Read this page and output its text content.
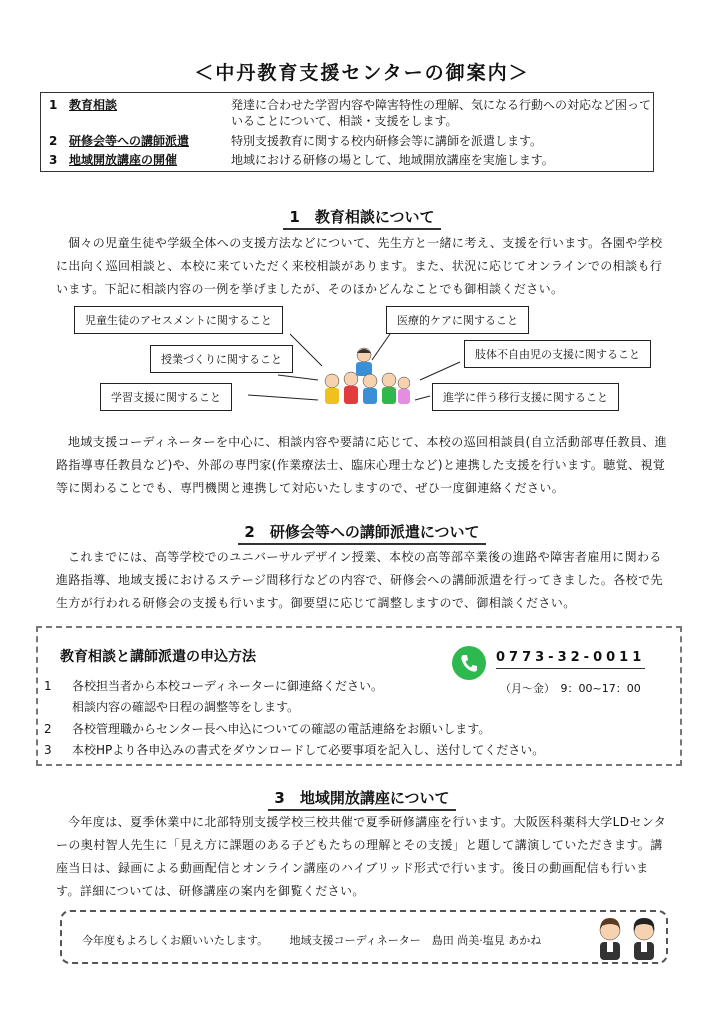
＜中丹教育支援センターの御案内＞
1 教育相談	発達に合わせた学習内容や障害特性の理解、気になる行動への対応など困っていることについて、相談・支援をします。
2 研修会等への講師派遣	特別支援教育に関する校内研修会等に講師を派遣します。
3 地域開放講座の開催	地域における研修の場として、地域開放講座を実施します。
1　教育相談について
個々の児童生徒や学級全体への支援方法などについて、先生方と一緒に考え、支援を行います。各園や学校に出向く巡回相談と、本校に来ていただく来校相談があります。また、状況に応じてオンラインでの相談も行います。下記に相談内容の一例を挙げましたが、そのほかどんなことでも御相談ください。
児童生徒のアセスメントに関すること	医療的ケアに関すること
授業づくりに関すること	肢体不自由児の支援に関すること
学習支援に関すること	進学に伴う移行支援に関すること
地域支援コーディネーターを中心に、相談内容や要請に応じて、本校の巡回相談員(自立活動部専任教員、進路指導専任教員など)や、外部の専門家(作業療法士、臨床心理士など)と連携した支援を行います。聴覚、視覚等に関わることでも、専門機関と連携して対応いたしますので、ぜひ一度御連絡ください。
2　研修会等への講師派遣について
これまでには、高等学校でのユニバーサルデザイン授業、本校の高等部卒業後の進路や障害者雇用に関わる進路指導、地域支援におけるステージ間移行などの内容で、研修会への講師派遣を行ってきました。各校で先生方が行われる研修会の支援も行います。御要望に応じて調整しますので、御相談ください。
教育相談と講師派遣の申込方法	0773-32-0011
（月～金）　9：00~17：00
1 各校担当者から本校コーディネーターに御連絡ください。
相談内容の確認や日程の調整等をします。
2 各校管理職からセンター長へ申込についての確認の電話連絡をお願いします。
3 本校HPより各申込みの書式をダウンロードして必要事項を記入し、送付してください。
3　地域開放講座について
今年度は、夏季休業中に北部特別支援学校三校共催で夏季研修講座を行います。大阪医科薬科大学LDセンターの奥村智人先生に「見え方に課題のある子どもたちの理解とその支援」と題して講演していただきます。講座当日は、録画による動画配信とオンライン講座のハイブリッド形式で行います。後日の動画配信も行います。詳細については、研修講座の案内を御覧ください。
今年度もよろしくお願いいたします。 地域支援コーディネーター　島田 尚美·塩見 あかね
